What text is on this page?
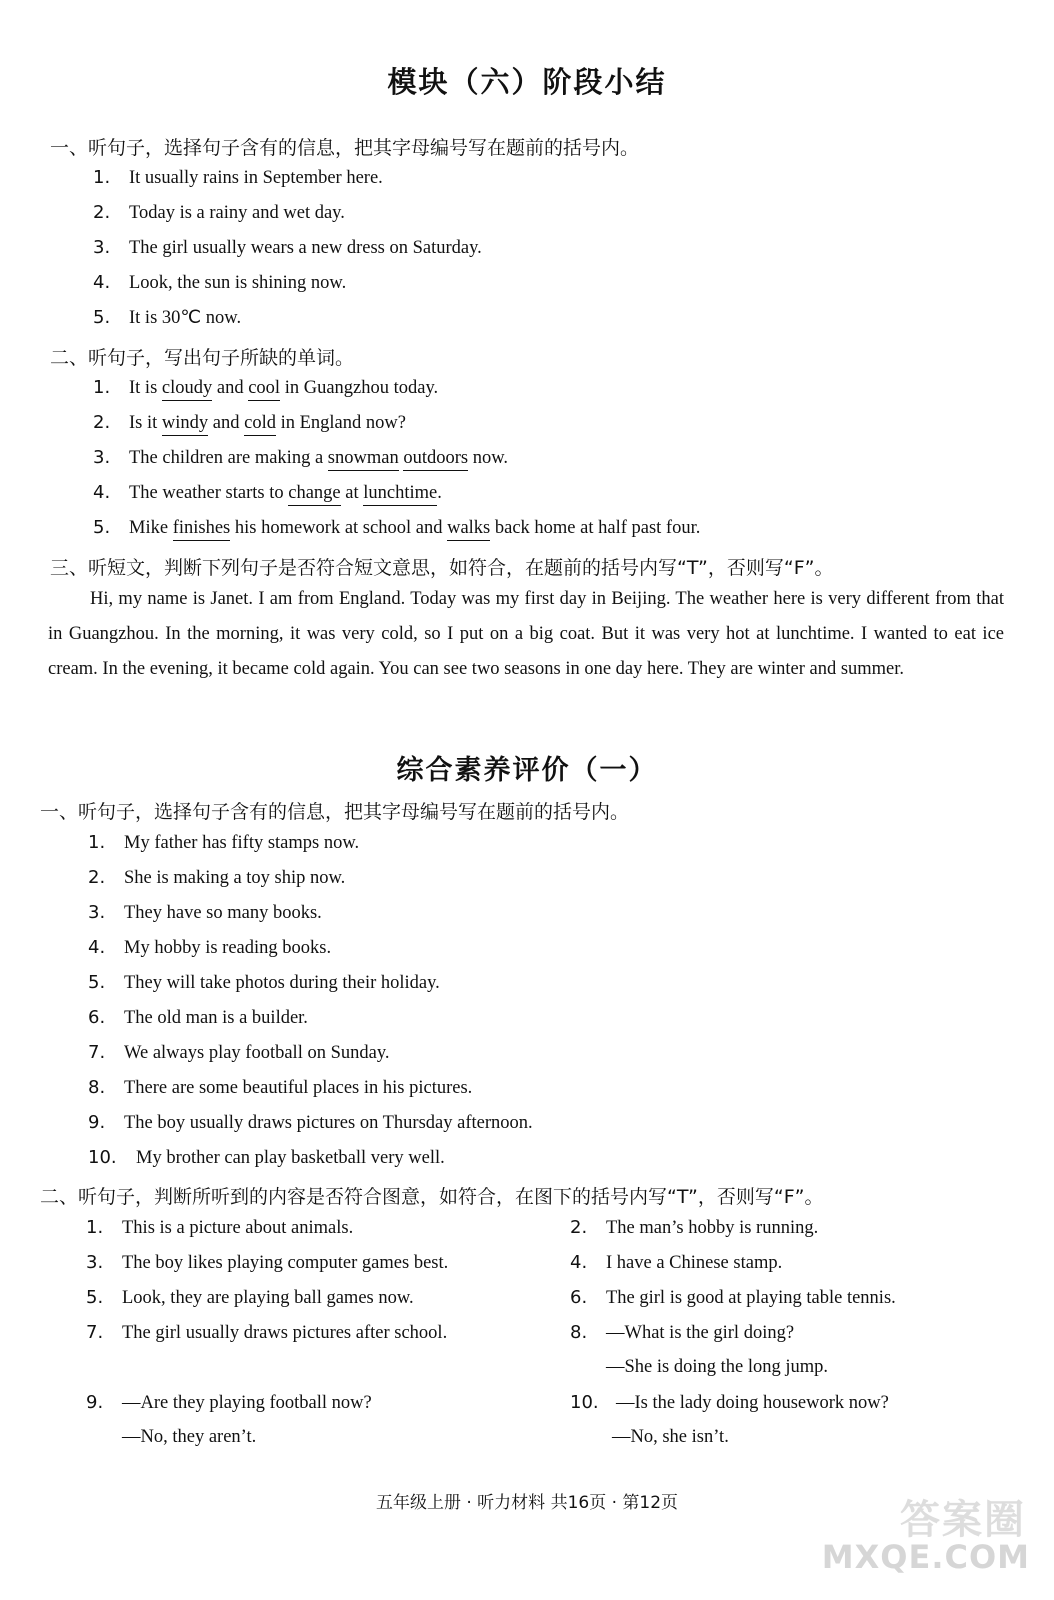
模块（六）阶段小结
一、听句子，选择句子含有的信息，把其字母编号写在题前的括号内。
1. It usually rains in September here.
2. Today is a rainy and wet day.
3. The girl usually wears a new dress on Saturday.
4. Look, the sun is shining now.
5. It is 30℃ now.
二、听句子，写出句子所缺的单词。
1. It is cloudy and cool in Guangzhou today.
2. Is it windy and cold in England now?
3. The children are making a snowman outdoors now.
4. The weather starts to change at lunchtime.
5. Mike finishes his homework at school and walks back home at half past four.
三、听短文，判断下列句子是否符合短文意思，如符合，在题前的括号内写“T”，否则写“F”。
Hi, my name is Janet. I am from England. Today was my first day in Beijing. The weather here is very different from that in Guangzhou. In the morning, it was very cold, so I put on a big coat. But it was very hot at lunchtime. I wanted to eat ice cream. In the evening, it became cold again. You can see two seasons in one day here. They are winter and summer.
综合素养评价（一）
一、听句子，选择句子含有的信息，把其字母编号写在题前的括号内。
1. My father has fifty stamps now.
2. She is making a toy ship now.
3. They have so many books.
4. My hobby is reading books.
5. They will take photos during their holiday.
6. The old man is a builder.
7. We always play football on Sunday.
8. There are some beautiful places in his pictures.
9. The boy usually draws pictures on Thursday afternoon.
10. My brother can play basketball very well.
二、听句子，判断所听到的内容是否符合图意，如符合，在图下的括号内写“T”，否则写“F”。
1. This is a picture about animals.
3. The boy likes playing computer games best.
5. Look, they are playing ball games now.
7. The girl usually draws pictures after school.
9. —Are they playing football now?
—No, they aren’t.
2. The man’s hobby is running.
4. I have a Chinese stamp.
6. The girl is good at playing table tennis.
8. —What is the girl doing?
—She is doing the long jump.
10. —Is the lady doing housework now?
—No, she isn’t.
五年级上册 · 听力材料 共16页 · 第12页	答案圈
MXQE.COM
